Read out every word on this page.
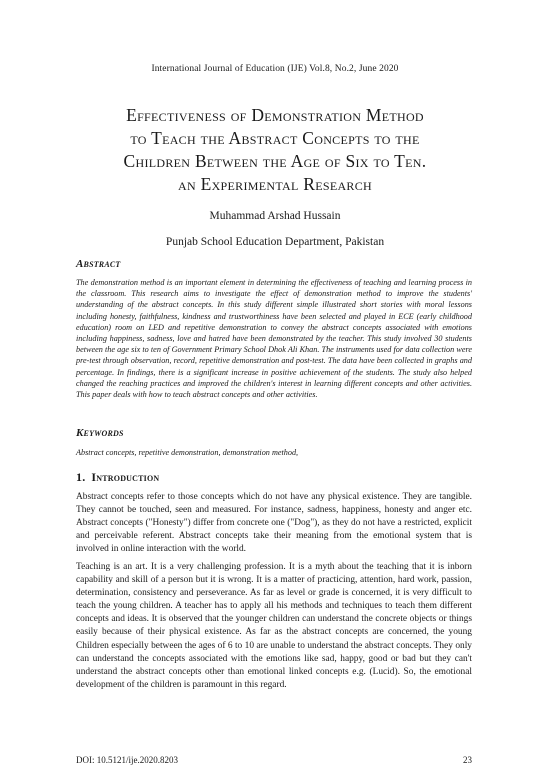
International Journal of Education (IJE) Vol.8, No.2, June 2020
Effectiveness of Demonstration Method
to Teach the Abstract Concepts to the
Children Between the Age of Six to Ten.
an Experimental Research
Muhammad Arshad Hussain
Punjab School Education Department, Pakistan
Abstract
The demonstration method is an important element in determining the effectiveness of teaching and learning process in the classroom. This research aims to investigate the effect of demonstration method to improve the students' understanding of the abstract concepts. In this study different simple illustrated short stories with moral lessons including honesty, faithfulness, kindness and trustworthiness have been selected and played in ECE (early childhood education) room on LED and repetitive demonstration to convey the abstract concepts associated with emotions including happiness, sadness, love and hatred have been demonstrated by the teacher. This study involved 30 students between the age six to ten of Government Primary School Dhok Ali Khan. The instruments used for data collection were pre-test through observation, record, repetitive demonstration and post-test. The data have been collected in graphs and percentage. In findings, there is a significant increase in positive achievement of the students. The study also helped changed the reaching practices and improved the children's interest in learning different concepts and other activities. This paper deals with how to teach abstract concepts and other activities.
Keywords
Abstract concepts, repetitive demonstration, demonstration method,
1. Introduction
Abstract concepts refer to those concepts which do not have any physical existence. They are tangible. They cannot be touched, seen and measured. For instance, sadness, happiness, honesty and anger etc. Abstract concepts ("Honesty") differ from concrete one ("Dog"), as they do not have a restricted, explicit and perceivable referent. Abstract concepts take their meaning from the emotional system that is involved in online interaction with the world.
Teaching is an art. It is a very challenging profession. It is a myth about the teaching that it is inborn capability and skill of a person but it is wrong. It is a matter of practicing, attention, hard work, passion, determination, consistency and perseverance. As far as level or grade is concerned, it is very difficult to teach the young children. A teacher has to apply all his methods and techniques to teach them different concepts and ideas. It is observed that the younger children can understand the concrete objects or things easily because of their physical existence. As far as the abstract concepts are concerned, the young Children especially between the ages of 6 to 10 are unable to understand the abstract concepts. They only can understand the concepts associated with the emotions like sad, happy, good or bad but they can't understand the abstract concepts other than emotional linked concepts e.g. (Lucid). So, the emotional development of the children is paramount in this regard.
DOI: 10.5121/ije.2020.8203	23
